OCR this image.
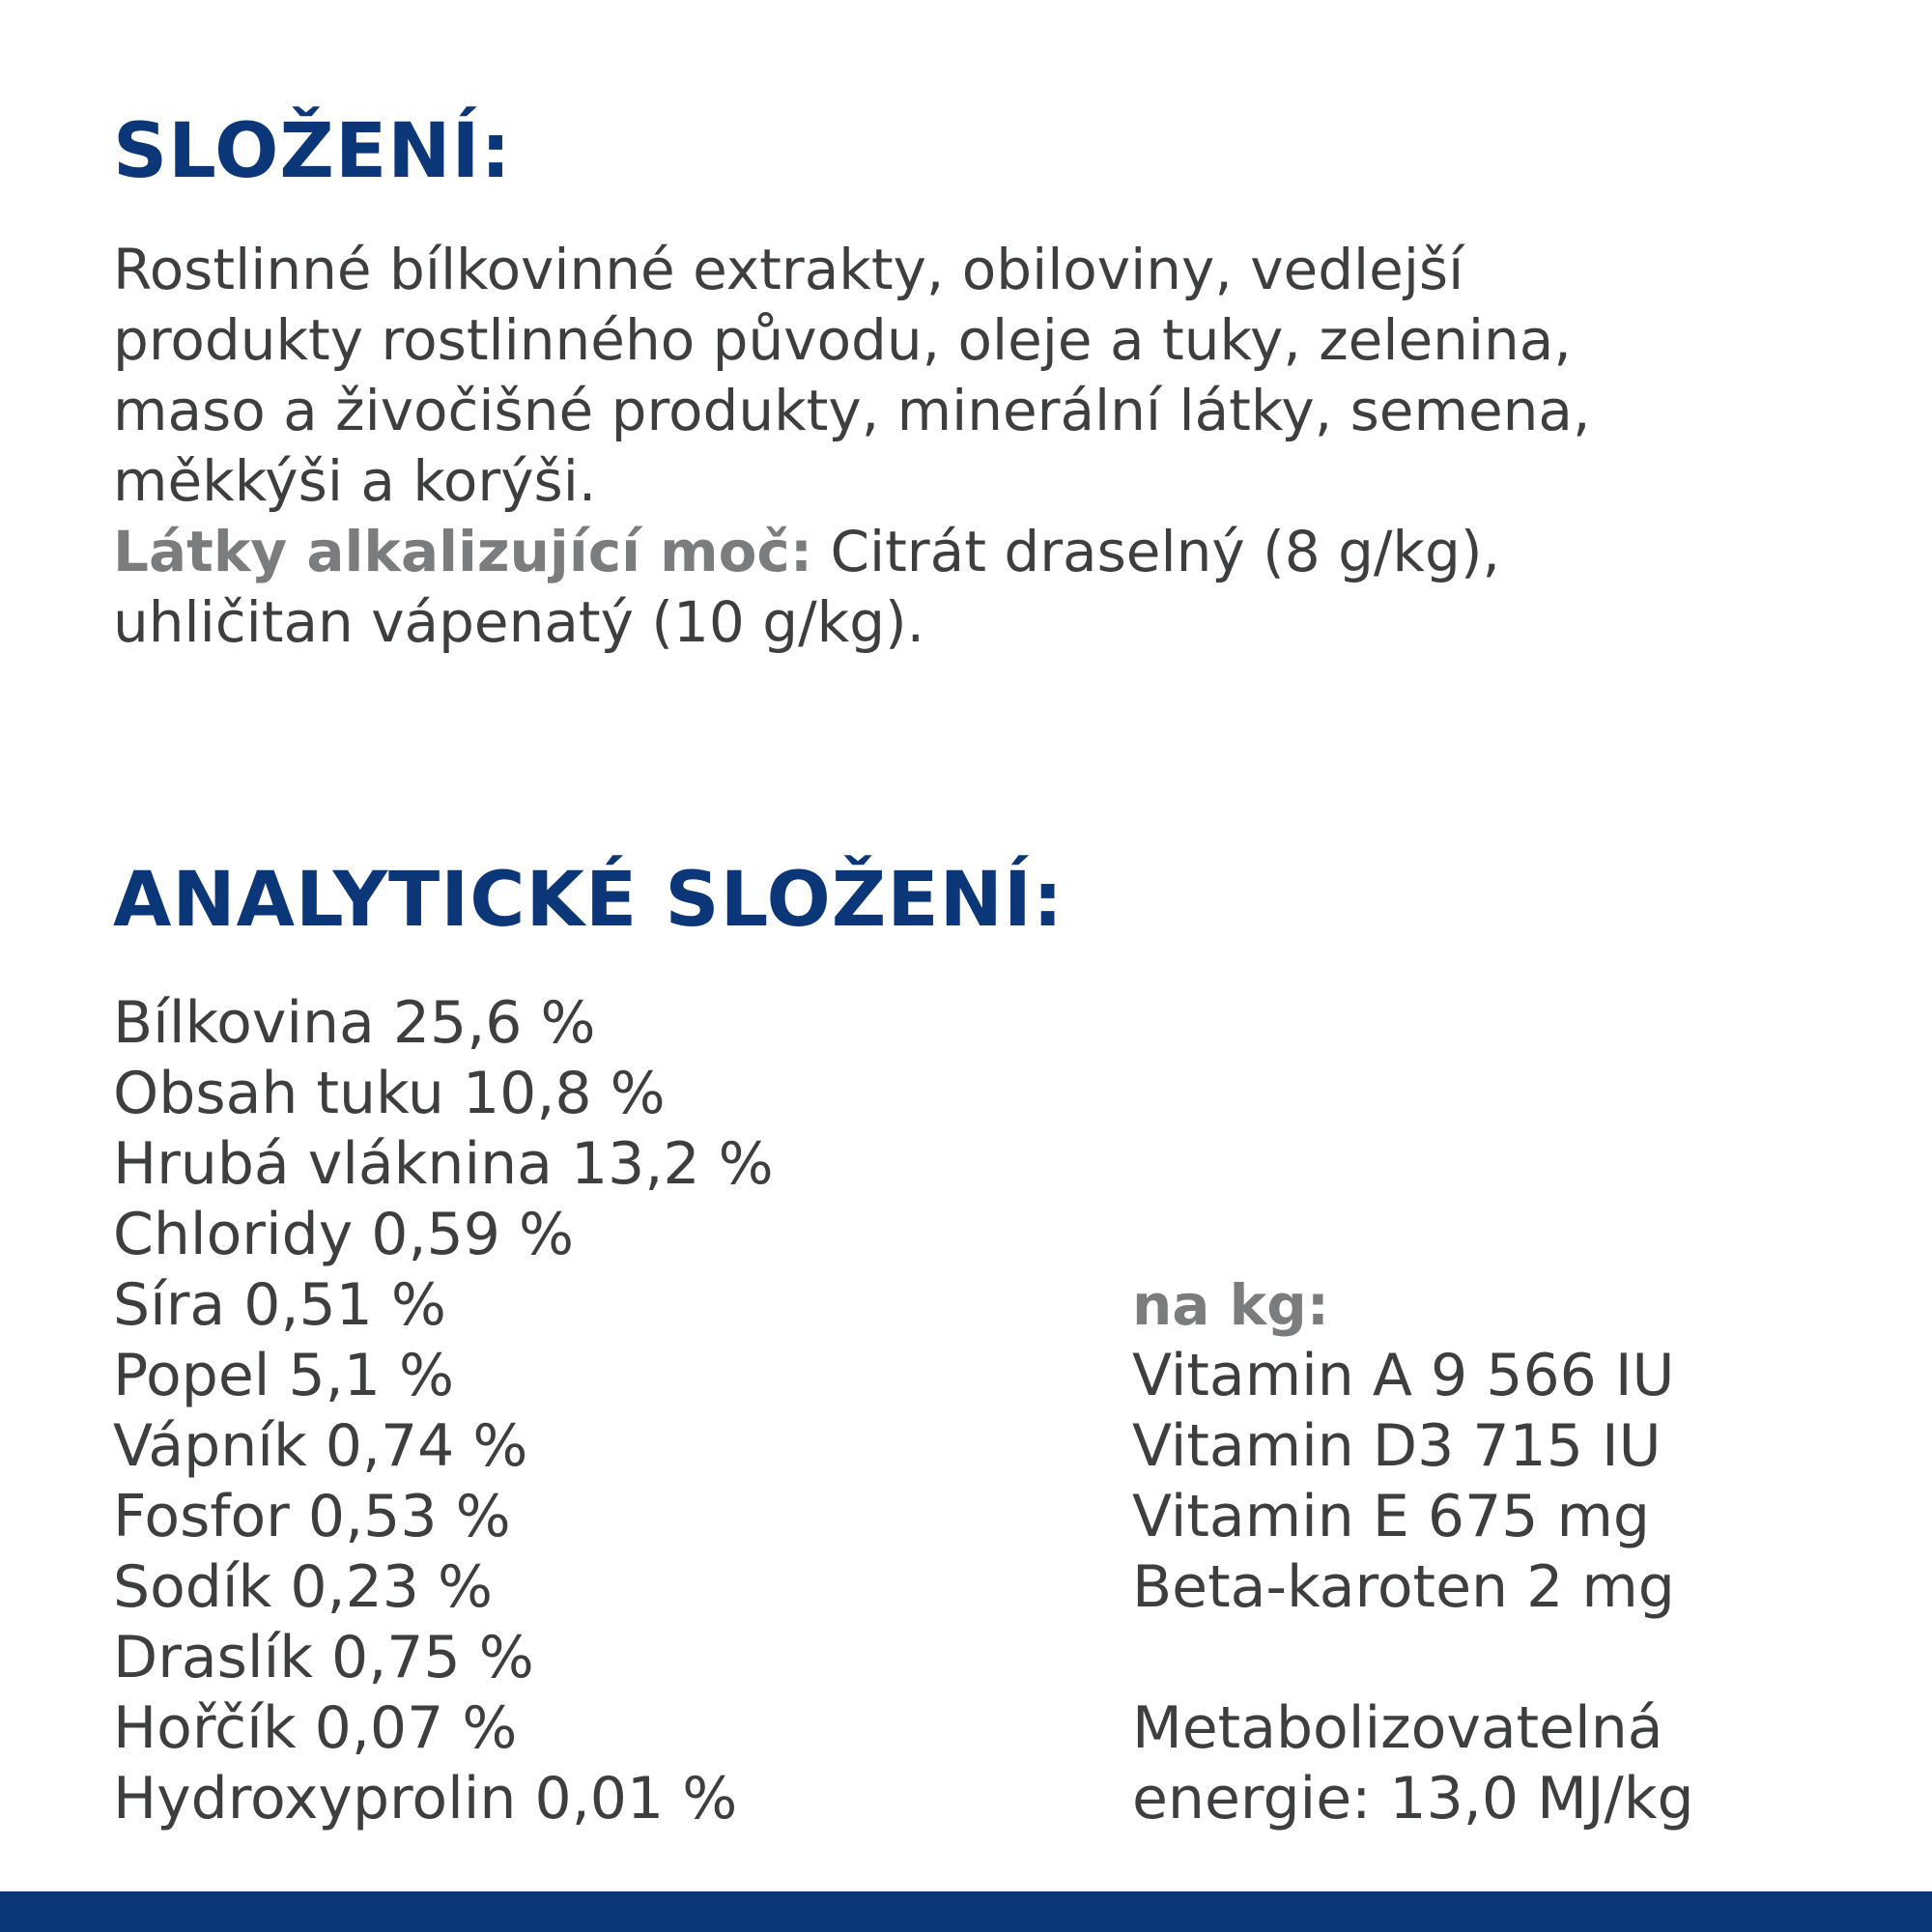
SLOŽENÍ:
Rostlinné bílkovinné extrakty, obiloviny, vedlejší
produkty rostlinného původu, oleje a tuky, zelenina,
maso a živočišné produkty, minerální látky, semena,
měkkýši a korýši.
Látky alkalizující moč: Citrát draselný (8 g/kg),
uhličitan vápenatý (10 g/kg).
ANALYTICKÉ SLOŽENÍ:
Bílkovina 25,6 %
Obsah tuku 10,8 %
Hrubá vláknina 13,2 %
Chloridy 0,59 %
Síra 0,51 %
Popel 5,1 %
Vápník 0,74 %
Fosfor 0,53 %
Sodík 0,23 %
Draslík 0,75 %
Hořčík 0,07 %
Hydroxyprolin 0,01 %
na kg:
Vitamin A 9 566 IU
Vitamin D3 715 IU
Vitamin E 675 mg
Beta-karoten 2 mg
Metabolizovatelná
energie: 13,0 MJ/kg
